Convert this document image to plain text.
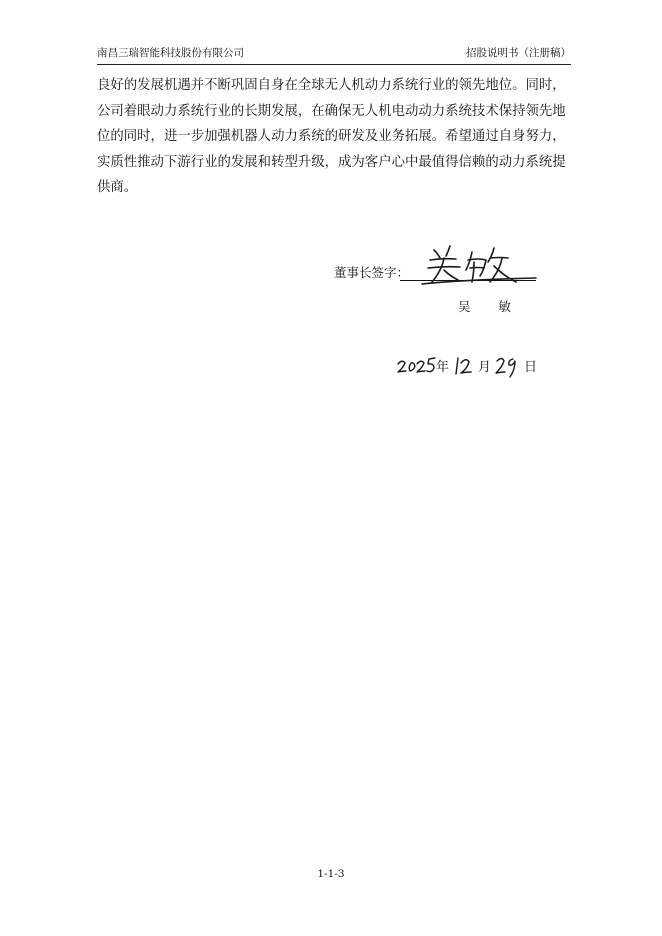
南昌三瑞智能科技股份有限公司	招股说明书（注册稿）
良好的发展机遇并不断巩固自身在全球无人机动力系统行业的领先地位。同时，
公司着眼动力系统行业的长期发展，在确保无人机电动动力系统技术保持领先地
位的同时，进一步加强机器人动力系统的研发及业务拓展。希望通过自身努力，
实质性推动下游行业的发展和转型升级，成为客户心中最值得信赖的动力系统提
供商。
董事长签字：
吴 敏
年 月	日
1-1-3
